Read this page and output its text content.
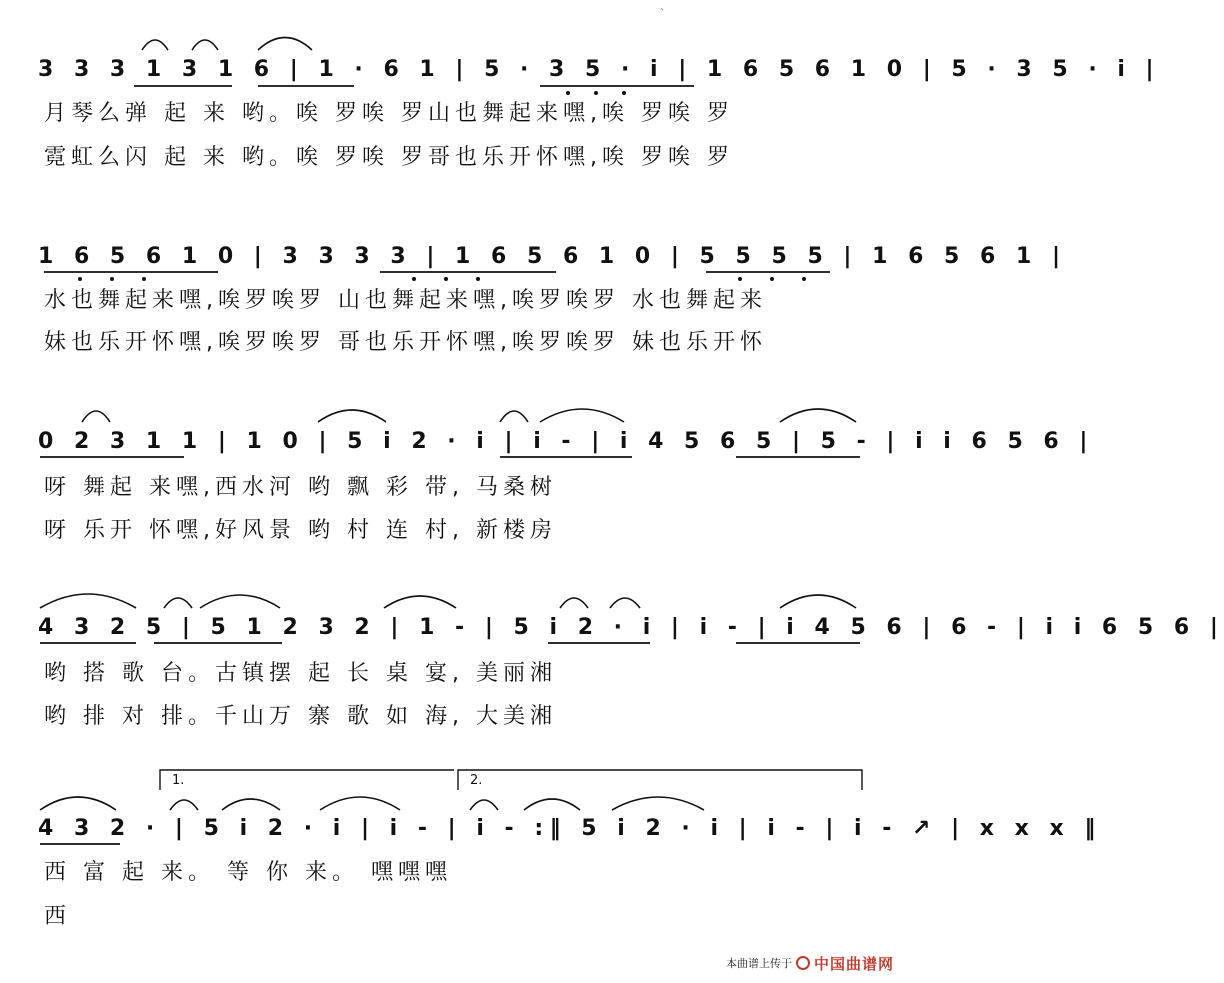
`
3 3 3 1 3 1 6 | 1 · 6 1 | 5 · 3 5 · i | 1 6 5 6 1 0 | 5 · 3 5 · i |
月琴么弹 起 来 哟。唉 罗唉 罗山也舞起来嘿,唉 罗唉 罗
霓虹么闪 起 来 哟。唉 罗唉 罗哥也乐开怀嘿,唉 罗唉 罗
1 6 5 6 1 0 | 3 3 3 3 | 1 6 5 6 1 0 | 5 5 5 5 | 1 6 5 6 1 |
水也舞起来嘿,唉罗唉罗 山也舞起来嘿,唉罗唉罗 水也舞起来
妹也乐开怀嘿,唉罗唉罗 哥也乐开怀嘿,唉罗唉罗 妹也乐开怀
0 2 3 1 1 | 1 0 | 5 i 2 · i | i - | i 4 5 6 5 | 5 - | i i 6 5 6 |
呀 舞起 来嘿,西水河 哟 飘 彩 带, 马桑树
呀 乐开 怀嘿,好风景 哟 村 连 村, 新楼房
4 3 2 5 | 5 1 2 3 2 | 1 - | 5 i 2 · i | i - | i 4 5 6 | 6 - | i i 6 5 6 |
哟 搭 歌 台。古镇摆 起 长 桌 宴, 美丽湘
哟 排 对 排。千山万 寨 歌 如 海, 大美湘
1.	2.
4 3 2 · | 5 i 2 · i | i - | i - :‖ 5 i 2 · i | i - | i - ↗ | x x x ‖
西 富 起 来。 等 你 来。 嘿嘿嘿
西
本曲谱上传于 中国曲谱网
